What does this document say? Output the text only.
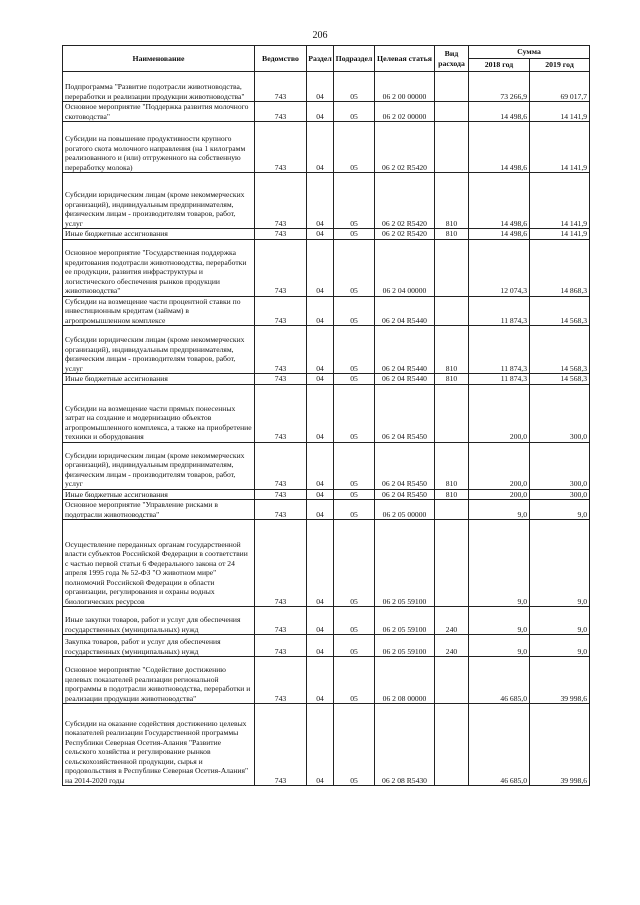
206
Наименование	Ведомство	Раздел	Подраздел	Целевая статья	Вид расхода	Сумма	
						2018 год	2019 год
Подпрограмма "Развитие подотрасли животноводства, переработки и реализации продукции животноводства"	743	04	05	06 2 00 00000		73 266,9	69 017,7
Основное мероприятие "Поддержка развития молочного скотоводства"	743	04	05	06 2 02 00000		14 498,6	14 141,9
Субсидии на повышение продуктивности крупного рогатого скота молочного направления (на 1 килограмм реализованного и (или) отгруженного на собственную переработку молока)	743	04	05	06 2 02 R5420		14 498,6	14 141,9
Субсидии юридическим лицам (кроме некоммерческих организаций), индивидуальным предпринимателям, физическим лицам - производителям товаров, работ, услуг	743	04	05	06 2 02 R5420	810	14 498,6	14 141,9
Иные бюджетные ассигнования	743	04	05	06 2 02 R5420	810	14 498,6	14 141,9
Основное мероприятие "Государственная поддержка кредитования подотрасли животноводства, переработки ее продукции, развития инфраструктуры и логистического обеспечения рынков продукции животноводства"	743	04	05	06 2 04 00000		12 074,3	14 868,3
Субсидии на возмещение части процентной ставки по инвестиционным кредитам (займам) в агропромышленном комплексе	743	04	05	06 2 04 R5440		11 874,3	14 568,3
Субсидии юридическим лицам (кроме некоммерческих организаций), индивидуальным предпринимателям, физическим лицам - производителям товаров, работ, услуг	743	04	05	06 2 04 R5440	810	11 874,3	14 568,3
Иные бюджетные ассигнования	743	04	05	06 2 04 R5440	810	11 874,3	14 568,3
Субсидии на возмещение части прямых понесенных затрат на создание и модернизацию объектов агропромышленного комплекса, а также на приобретение техники и оборудования	743	04	05	06 2 04 R5450		200,0	300,0
Субсидии юридическим лицам (кроме некоммерческих организаций), индивидуальным предпринимателям, физическим лицам - производителям товаров, работ, услуг	743	04	05	06 2 04 R5450	810	200,0	300,0
Иные бюджетные ассигнования	743	04	05	06 2 04 R5450	810	200,0	300,0
Основное мероприятие "Управление рисками в подотрасли животноводства"	743	04	05	06 2 05 00000		9,0	9,0
Осуществление переданных органам государственной власти субъектов Российской Федерации в соответствии с частью первой статьи 6 Федерального закона от 24 апреля 1995 года № 52-ФЗ "О животном мире" полномочий Российской Федерации в области организации, регулирования и охраны водных биологических ресурсов	743	04	05	06 2 05 59100		9,0	9,0
Иные закупки товаров, работ и услуг для обеспечения государственных (муниципальных) нужд	743	04	05	06 2 05 59100	240	9,0	9,0
Закупка товаров, работ и услуг для обеспечения государственных (муниципальных) нужд	743	04	05	06 2 05 59100	240	9,0	9,0
Основное мероприятие "Содействие достижению целевых показателей реализации региональной программы в подотрасли животноводства, переработки и реализации продукции животноводства"	743	04	05	06 2 08 00000		46 685,0	39 998,6
Субсидии на оказание содействия достижению целевых показателей реализации Государственной программы Республики Северная Осетия-Алания "Развитие сельского хозяйства и регулирование рынков сельскохозяйственной продукции, сырья и продовольствия в Республике Северная Осетия-Алания" на 2014-2020 годы	743	04	05	06 2 08 R5430		46 685,0	39 998,6
